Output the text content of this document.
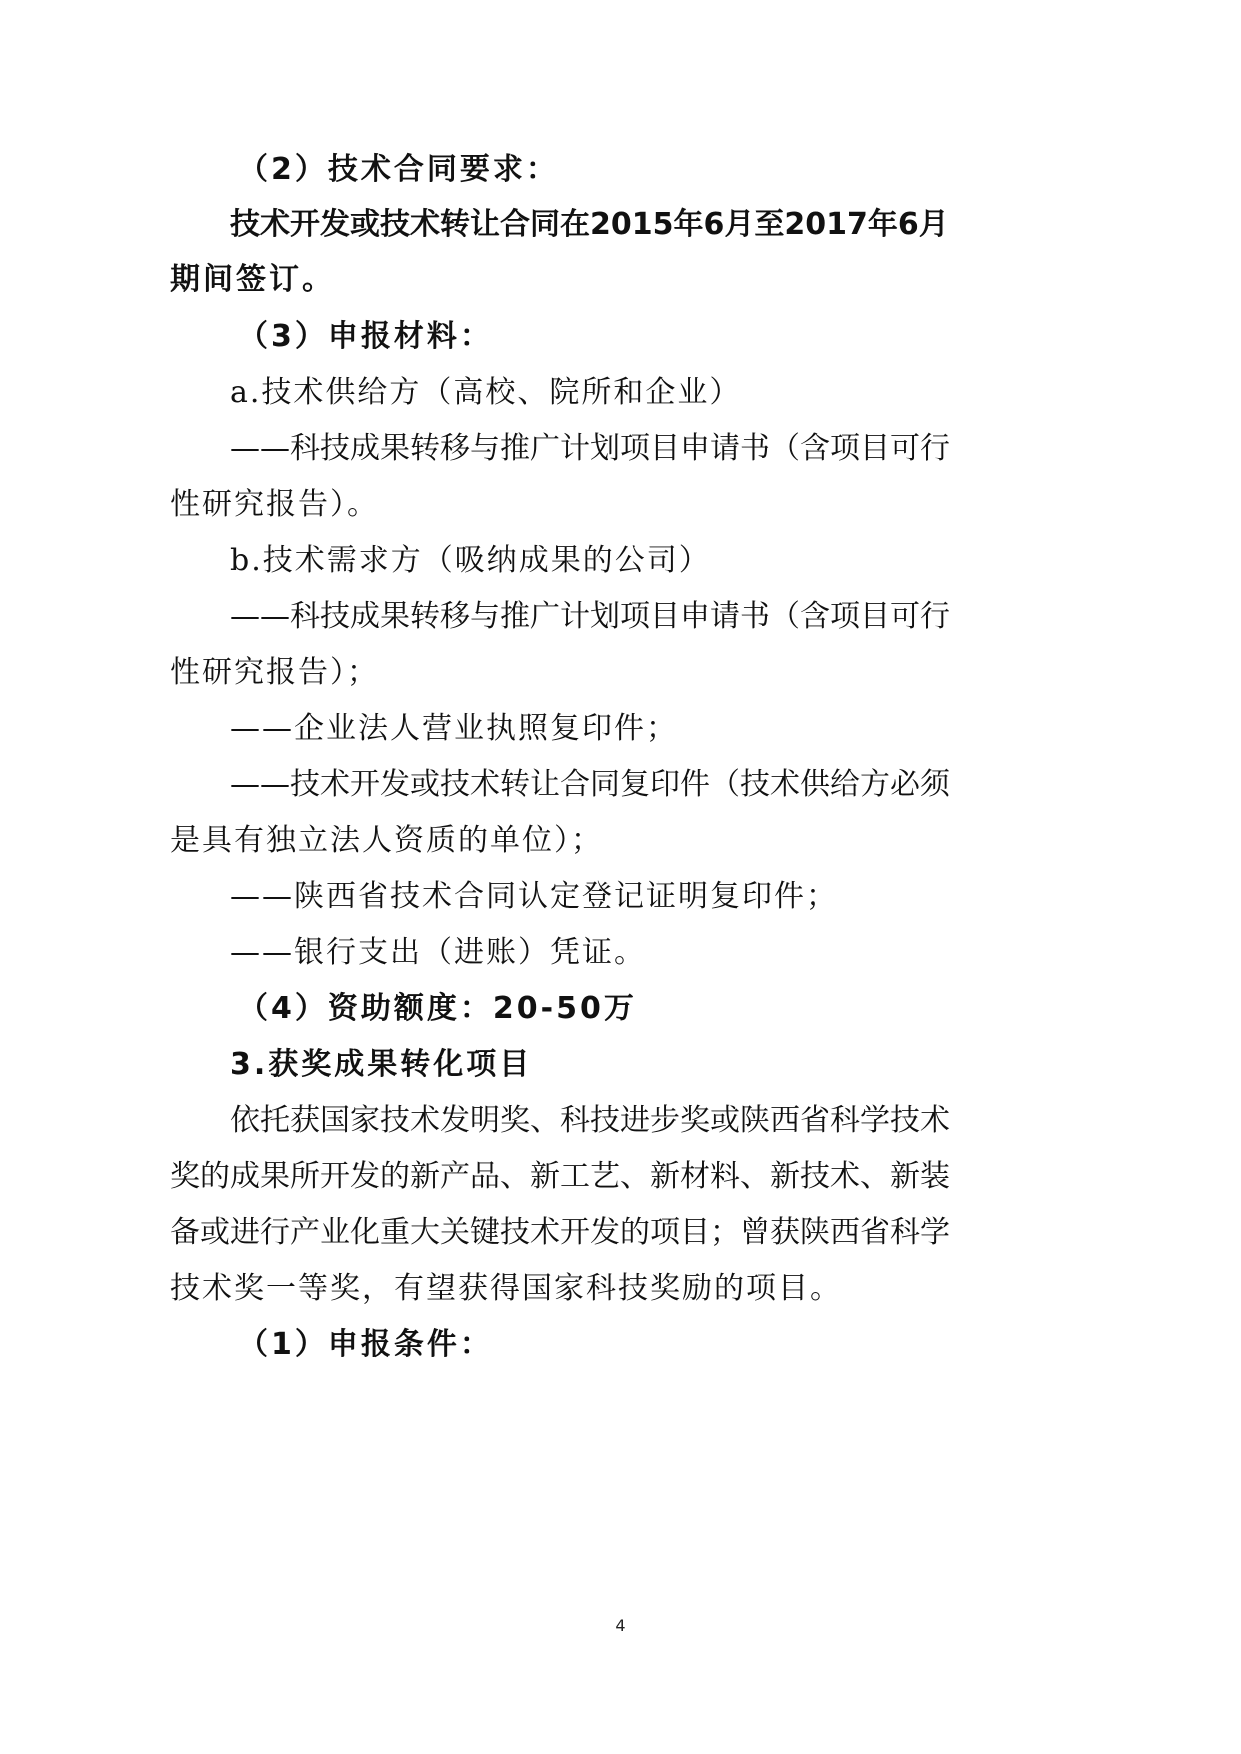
（2）技术合同要求：
技术开发或技术转让合同在2015年6月至2017年6月
期间签订。
（3）申报材料：
a.技术供给方（高校、院所和企业）
——科技成果转移与推广计划项目申请书（含项目可行
性研究报告）。
b.技术需求方（吸纳成果的公司）
——科技成果转移与推广计划项目申请书（含项目可行
性研究报告）；
——企业法人营业执照复印件；
——技术开发或技术转让合同复印件（技术供给方必须
是具有独立法人资质的单位）；
——陕西省技术合同认定登记证明复印件；
——银行支出（进账）凭证。
（4）资助额度：20-50万
3.获奖成果转化项目
依托获国家技术发明奖、科技进步奖或陕西省科学技术
奖的成果所开发的新产品、新工艺、新材料、新技术、新装
备或进行产业化重大关键技术开发的项目；曾获陕西省科学
技术奖一等奖，有望获得国家科技奖励的项目。
（1）申报条件：
4
